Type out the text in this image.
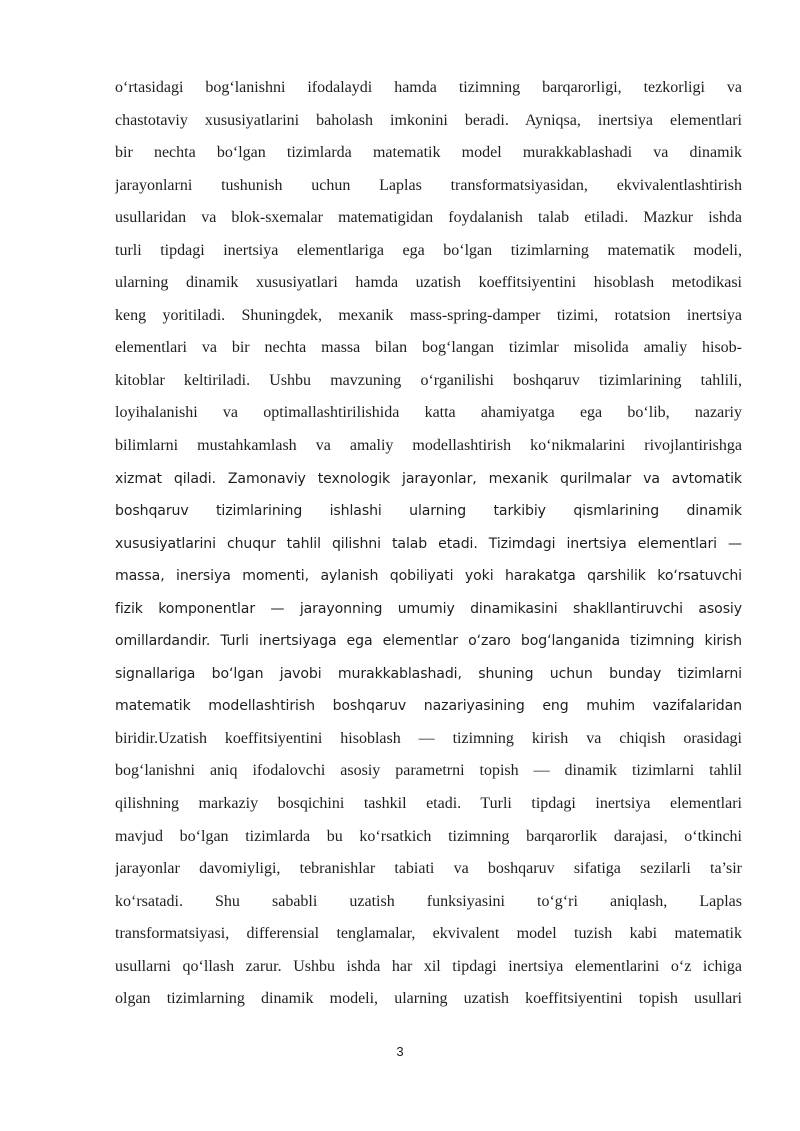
o‘rtasidagi bog‘lanishni ifodalaydi hamda tizimning barqarorligi, tezkorligi va
chastotaviy xususiyatlarini baholash imkonini beradi. Ayniqsa, inertsiya elementlari
bir nechta bo‘lgan tizimlarda matematik model murakkablashadi va dinamik
jarayonlarni tushunish uchun Laplas transformatsiyasidan, ekvivalentlashtirish
usullaridan va blok-sxemalar matematigidan foydalanish talab etiladi. Mazkur ishda
turli tipdagi inertsiya elementlariga ega bo‘lgan tizimlarning matematik modeli,
ularning dinamik xususiyatlari hamda uzatish koeffitsiyentini hisoblash metodikasi
keng yoritiladi. Shuningdek, mexanik mass-spring-damper tizimi, rotatsion inertsiya
elementlari va bir nechta massa bilan bog‘langan tizimlar misolida amaliy hisob-
kitoblar keltiriladi. Ushbu mavzuning o‘rganilishi boshqaruv tizimlarining tahlili,
loyihalanishi va optimallashtirilishida katta ahamiyatga ega bo‘lib, nazariy
bilimlarni mustahkamlash va amaliy modellashtirish ko‘nikmalarini rivojlantirishga
xizmat qiladi. Zamonaviy texnologik jarayonlar, mexanik qurilmalar va avtomatik
boshqaruv tizimlarining ishlashi ularning tarkibiy qismlarining dinamik
xususiyatlarini chuqur tahlil qilishni talab etadi. Tizimdagi inertsiya elementlari —
massa, inersiya momenti, aylanish qobiliyati yoki harakatga qarshilik ko‘rsatuvchi
fizik komponentlar — jarayonning umumiy dinamikasini shakllantiruvchi asosiy
omillardandir. Turli inertsiyaga ega elementlar o‘zaro bog‘langanida tizimning kirish
signallariga bo‘lgan javobi murakkablashadi, shuning uchun bunday tizimlarni
matematik modellashtirish boshqaruv nazariyasining eng muhim vazifalaridan
biridir.Uzatish koeffitsiyentini hisoblash — tizimning kirish va chiqish orasidagi
bog‘lanishni aniq ifodalovchi asosiy parametrni topish — dinamik tizimlarni tahlil
qilishning markaziy bosqichini tashkil etadi. Turli tipdagi inertsiya elementlari
mavjud bo‘lgan tizimlarda bu ko‘rsatkich tizimning barqarorlik darajasi, o‘tkinchi
jarayonlar davomiyligi, tebranishlar tabiati va boshqaruv sifatiga sezilarli ta’sir
ko‘rsatadi. Shu sababli uzatish funksiyasini to‘g‘ri aniqlash, Laplas
transformatsiyasi, differensial tenglamalar, ekvivalent model tuzish kabi matematik
usullarni qo‘llash zarur. Ushbu ishda har xil tipdagi inertsiya elementlarini o‘z ichiga
olgan tizimlarning dinamik modeli, ularning uzatish koeffitsiyentini topish usullari
3
